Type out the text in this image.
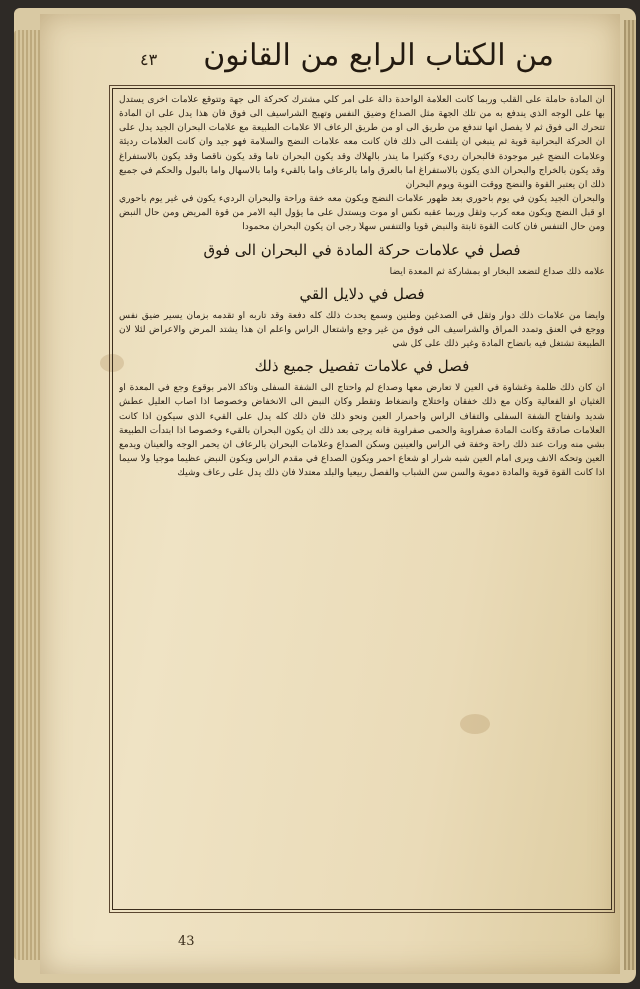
٤٣ من الكتاب الرابع من القانون

ان المادة حاملة على القلب وربما كانت العلامة الواحدة دالة على امر كلي مشترك كحركة الى جهة وتتوقع علامات اخرى يستدل بها على الوجه الذي يندفع به من تلك الجهة مثل الصداع وضيق النفس وتهيج الشراسيف الى فوق فان هذا يدل على ان المادة تتحرك الى فوق ثم لا يفصل انها تندفع من طريق الى او من طريق الرعاف الا علامات الطبيعة مع علامات البحران الجيد يدل على ان الحركة البحرانية قوية ثم ينبغي ان يلتفت الى ذلك فان كانت معه علامات النضج والسلامة فهو جيد وان كانت العلامات رديئة وعلامات النضج غير موجودة فالبحران رديء وكثيرا ما ينذر بالهلاك وقد يكون البحران تاما وقد يكون ناقصا وقد يكون بالاستفراغ وقد يكون بالخراج والبحران الذي يكون بالاستفراغ اما بالعرق واما بالرعاف واما بالقيء واما بالاسهال واما بالبول والحكم في جميع ذلك ان يعتبر القوة والنضج ووقت النوبة ويوم البحران

والبحران الجيد يكون في يوم باحوري بعد ظهور علامات النضج ويكون معه خفة وراحة والبحران الرديء يكون في غير يوم باحوري او قبل النضج ويكون معه كرب وثقل وربما عقبه نكس او موت ويستدل على ما يؤول اليه الامر من قوة المريض ومن حال النبض ومن حال التنفس فان كانت القوة ثابتة والنبض قويا والتنفس سهلا رجي ان يكون البحران محمودا

فصل في علامات حركة المادة في البحران الى فوق

علامه ذلك صداع لتضعد البخار او بمشاركة ثم المعدة ايضا

فصل في دلايل القي

وايضا من علامات ذلك دوار وثقل في الصدغين وطنين وسمع يحدث ذلك كله دفعة وقد تاربه او تقدمه بزمان يسير ضيق نفس ووجع في العنق وتمدد المراق والشراسيف الى فوق من غير وجع واشتعال الراس واعلم ان هذا يشتد المرض والاعراض لئلا لان الطبيعة تشتغل فيه باتضاح المادة وغير ذلك على كل شي

فصل في علامات تفصيل جميع ذلك

ان كان ذلك ظلمة وغشاوة في العين لا تعارض معها وصداع لم واحتاج الى الشفة السفلى وتاكد الامر بوقوع وجع في المعدة او الغثيان او الفعالية وكان مع ذلك خفقان واختلاج وانضغاط وتقطر وكان النبض الى الانخفاض وخصوصا اذا اصاب العليل عطش شديد وانفتاح الشفة السفلى والتفاف الراس واحمرار العين ونحو ذلك فان ذلك كله يدل على القيء الذي سيكون اذا كانت العلامات صادقة وكانت المادة صفراوية والحمى صفراوية فانه يرجى بعد ذلك ان يكون البحران بالقيء وخصوصا اذا ابتدأت الطبيعة بشي منه ورات عند ذلك راحة وخفة في الراس والعينين وسكن الصداع وعلامات البحران بالرعاف ان يحمر الوجه والعينان ويدمع العين وتحكه الانف ويرى امام العين شبه شرار او شعاع احمر ويكون الصداع في مقدم الراس ويكون النبض عظيما موجيا ولا سيما اذا كانت القوة قوية والمادة دموية والسن سن الشباب والفصل ربيعيا والبلد معتدلا فان ذلك يدل على رعاف وشيك

43
